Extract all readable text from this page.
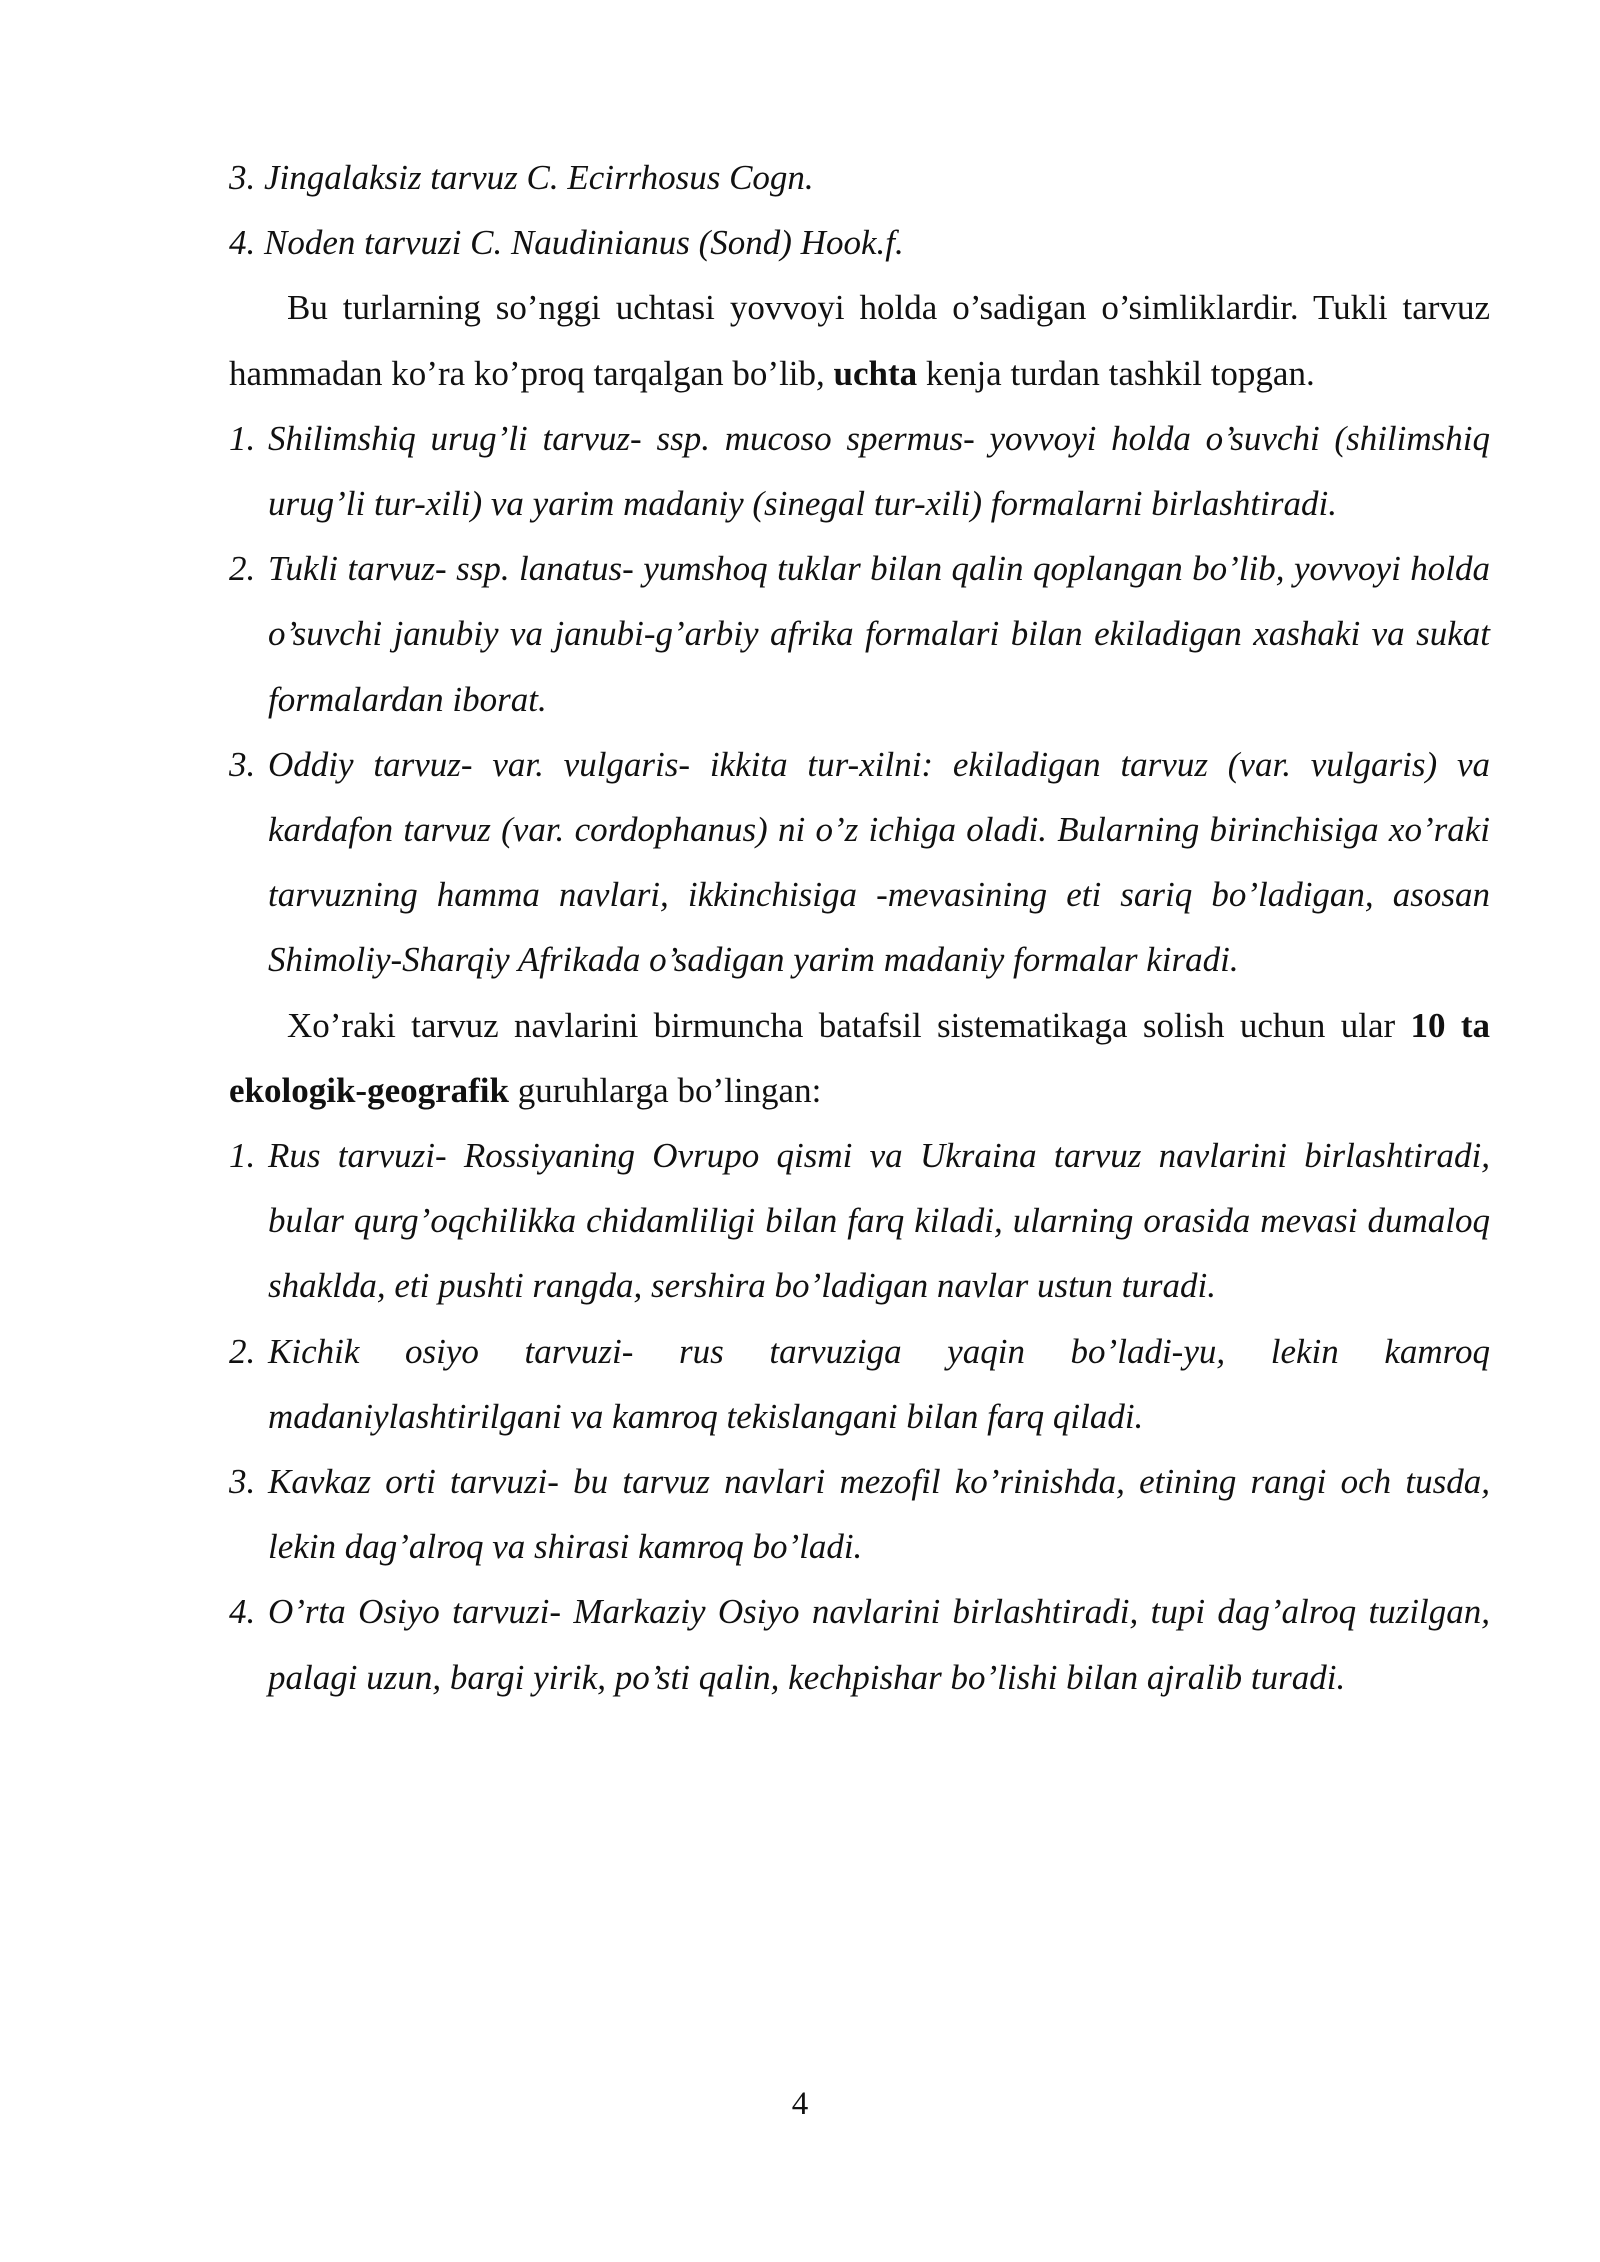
3. Jingalaksiz tarvuz C. Ecirrhosus Cogn.

4. Noden tarvuzi C. Naudinianus (Sond) Hook.f.

Bu turlarning so’nggi uchtasi yovvoyi holda o’sadigan o’simliklardir. Tukli tarvuz hammadan ko’ra ko’proq tarqalgan bo’lib, uchta kenja turdan tashkil topgan.

1. Shilimshiq urug’li tarvuz- ssp. mucoso spermus- yovvoyi holda o’suvchi (shilimshiq urug’li tur-xili) va yarim madaniy (sinegal tur-xili) formalarni birlashtiradi.

2. Tukli tarvuz- ssp. lanatus- yumshoq tuklar bilan qalin qoplangan bo’lib, yovvoyi holda o’suvchi janubiy va janubi-g’arbiy afrika formalari bilan ekiladigan xashaki va sukat formalardan iborat.

3. Oddiy tarvuz- var. vulgaris- ikkita tur-xilni: ekiladigan tarvuz (var. vulgaris) va kardafon tarvuz (var. cordophanus) ni o’z ichiga oladi. Bularning birinchisiga xo’raki tarvuzning hamma navlari, ikkinchisiga -mevasining eti sariq bo’ladigan, asosan Shimoliy-Sharqiy Afrikada o’sadigan yarim madaniy formalar kiradi.

Xo’raki tarvuz navlarini birmuncha batafsil sistematikaga solish uchun ular 10 ta ekologik-geografik guruhlarga bo’lingan:

1. Rus tarvuzi- Rossiyaning Ovrupo qismi va Ukraina tarvuz navlarini birlashtiradi, bular qurg’oqchilikka chidamliligi bilan farq kiladi, ularning orasida mevasi dumaloq shaklda, eti pushti rangda, sershira bo’ladigan navlar ustun turadi.

2. Kichik osiyo tarvuzi- rus tarvuziga yaqin bo’ladi-yu, lekin kamroq madaniylashtirilgani va kamroq tekislangani bilan farq qiladi.

3. Kavkaz orti tarvuzi- bu tarvuz navlari mezofil ko’rinishda, etining rangi och tusda, lekin dag’alroq va shirasi kamroq bo’ladi.

4. O’rta Osiyo tarvuzi- Markaziy Osiyo navlarini birlashtiradi, tupi dag’alroq tuzilgan, palagi uzun, bargi yirik, po’sti qalin, kechpishar bo’lishi bilan ajralib turadi.

4
